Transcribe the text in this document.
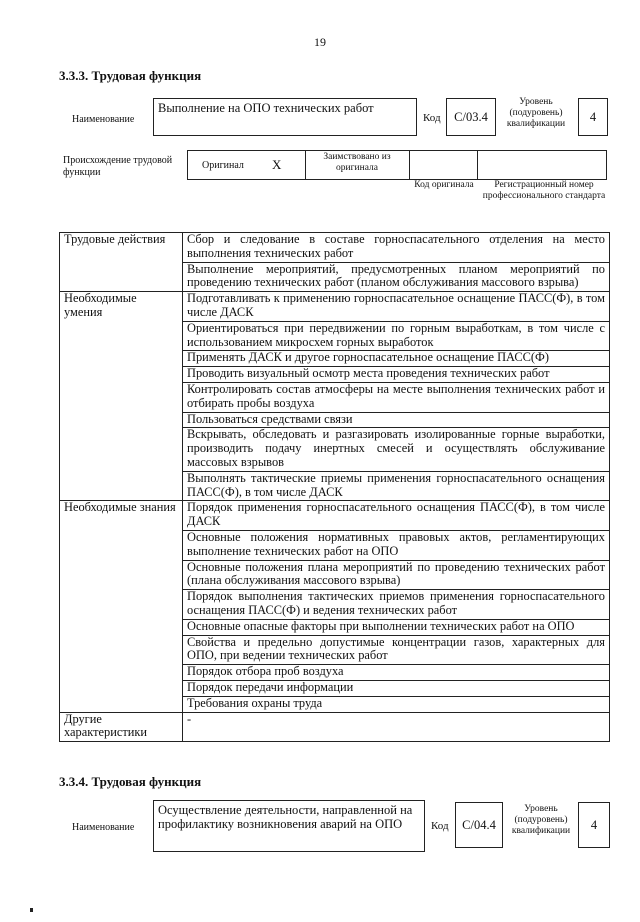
19
3.3.3. Трудовая функция
Наименование
Выполнение на ОПО технических работ
Код	С/03.4
Уровень (подуровень) квалификации	4
Происхождение трудовой функции
Оригинал X	Заимствовано из оригинала
Код оригинала	Регистрационный номер профессионального стандарта
Трудовые действия	Сбор и следование в составе горноспасательного отделения на место выполнения технических работ
	Выполнение мероприятий, предусмотренных планом мероприятий по проведению технических работ (планом обслуживания массового взрыва)
Необходимые умения	Подготавливать к применению горноспасательное оснащение ПАСС(Ф), в том числе ДАСК
	Ориентироваться при передвижении по горным выработкам, в том числе с использованием микросхем горных выработок
	Применять ДАСК и другое горноспасательное оснащение ПАСС(Ф)
	Проводить визуальный осмотр места проведения технических работ
	Контролировать состав атмосферы на месте выполнения технических работ и отбирать пробы воздуха
	Пользоваться средствами связи
	Вскрывать, обследовать и разгазировать изолированные горные выработки, производить подачу инертных смесей и осуществлять обслуживание массовых взрывов
	Выполнять тактические приемы применения горноспасательного оснащения ПАСС(Ф), в том числе ДАСК
Необходимые знания	Порядок применения горноспасательного оснащения ПАСС(Ф), в том числе ДАСК
	Основные положения нормативных правовых актов, регламентирующих выполнение технических работ на ОПО
	Основные положения плана мероприятий по проведению технических работ (плана обслуживания массового взрыва)
	Порядок выполнения тактических приемов применения горноспасательного оснащения ПАСС(Ф) и ведения технических работ
	Основные опасные факторы при выполнении технических работ на ОПО
	Свойства и предельно допустимые концентрации газов, характерных для ОПО, при ведении технических работ
	Порядок отбора проб воздуха
	Порядок передачи информации
	Требования охраны труда
Другие характеристики	-
3.3.4. Трудовая функция
Наименование
Осуществление деятельности, направленной на профилактику возникновения аварий на ОПО	Код	С/04.4
Уровень (подуровень) квалификации	4
